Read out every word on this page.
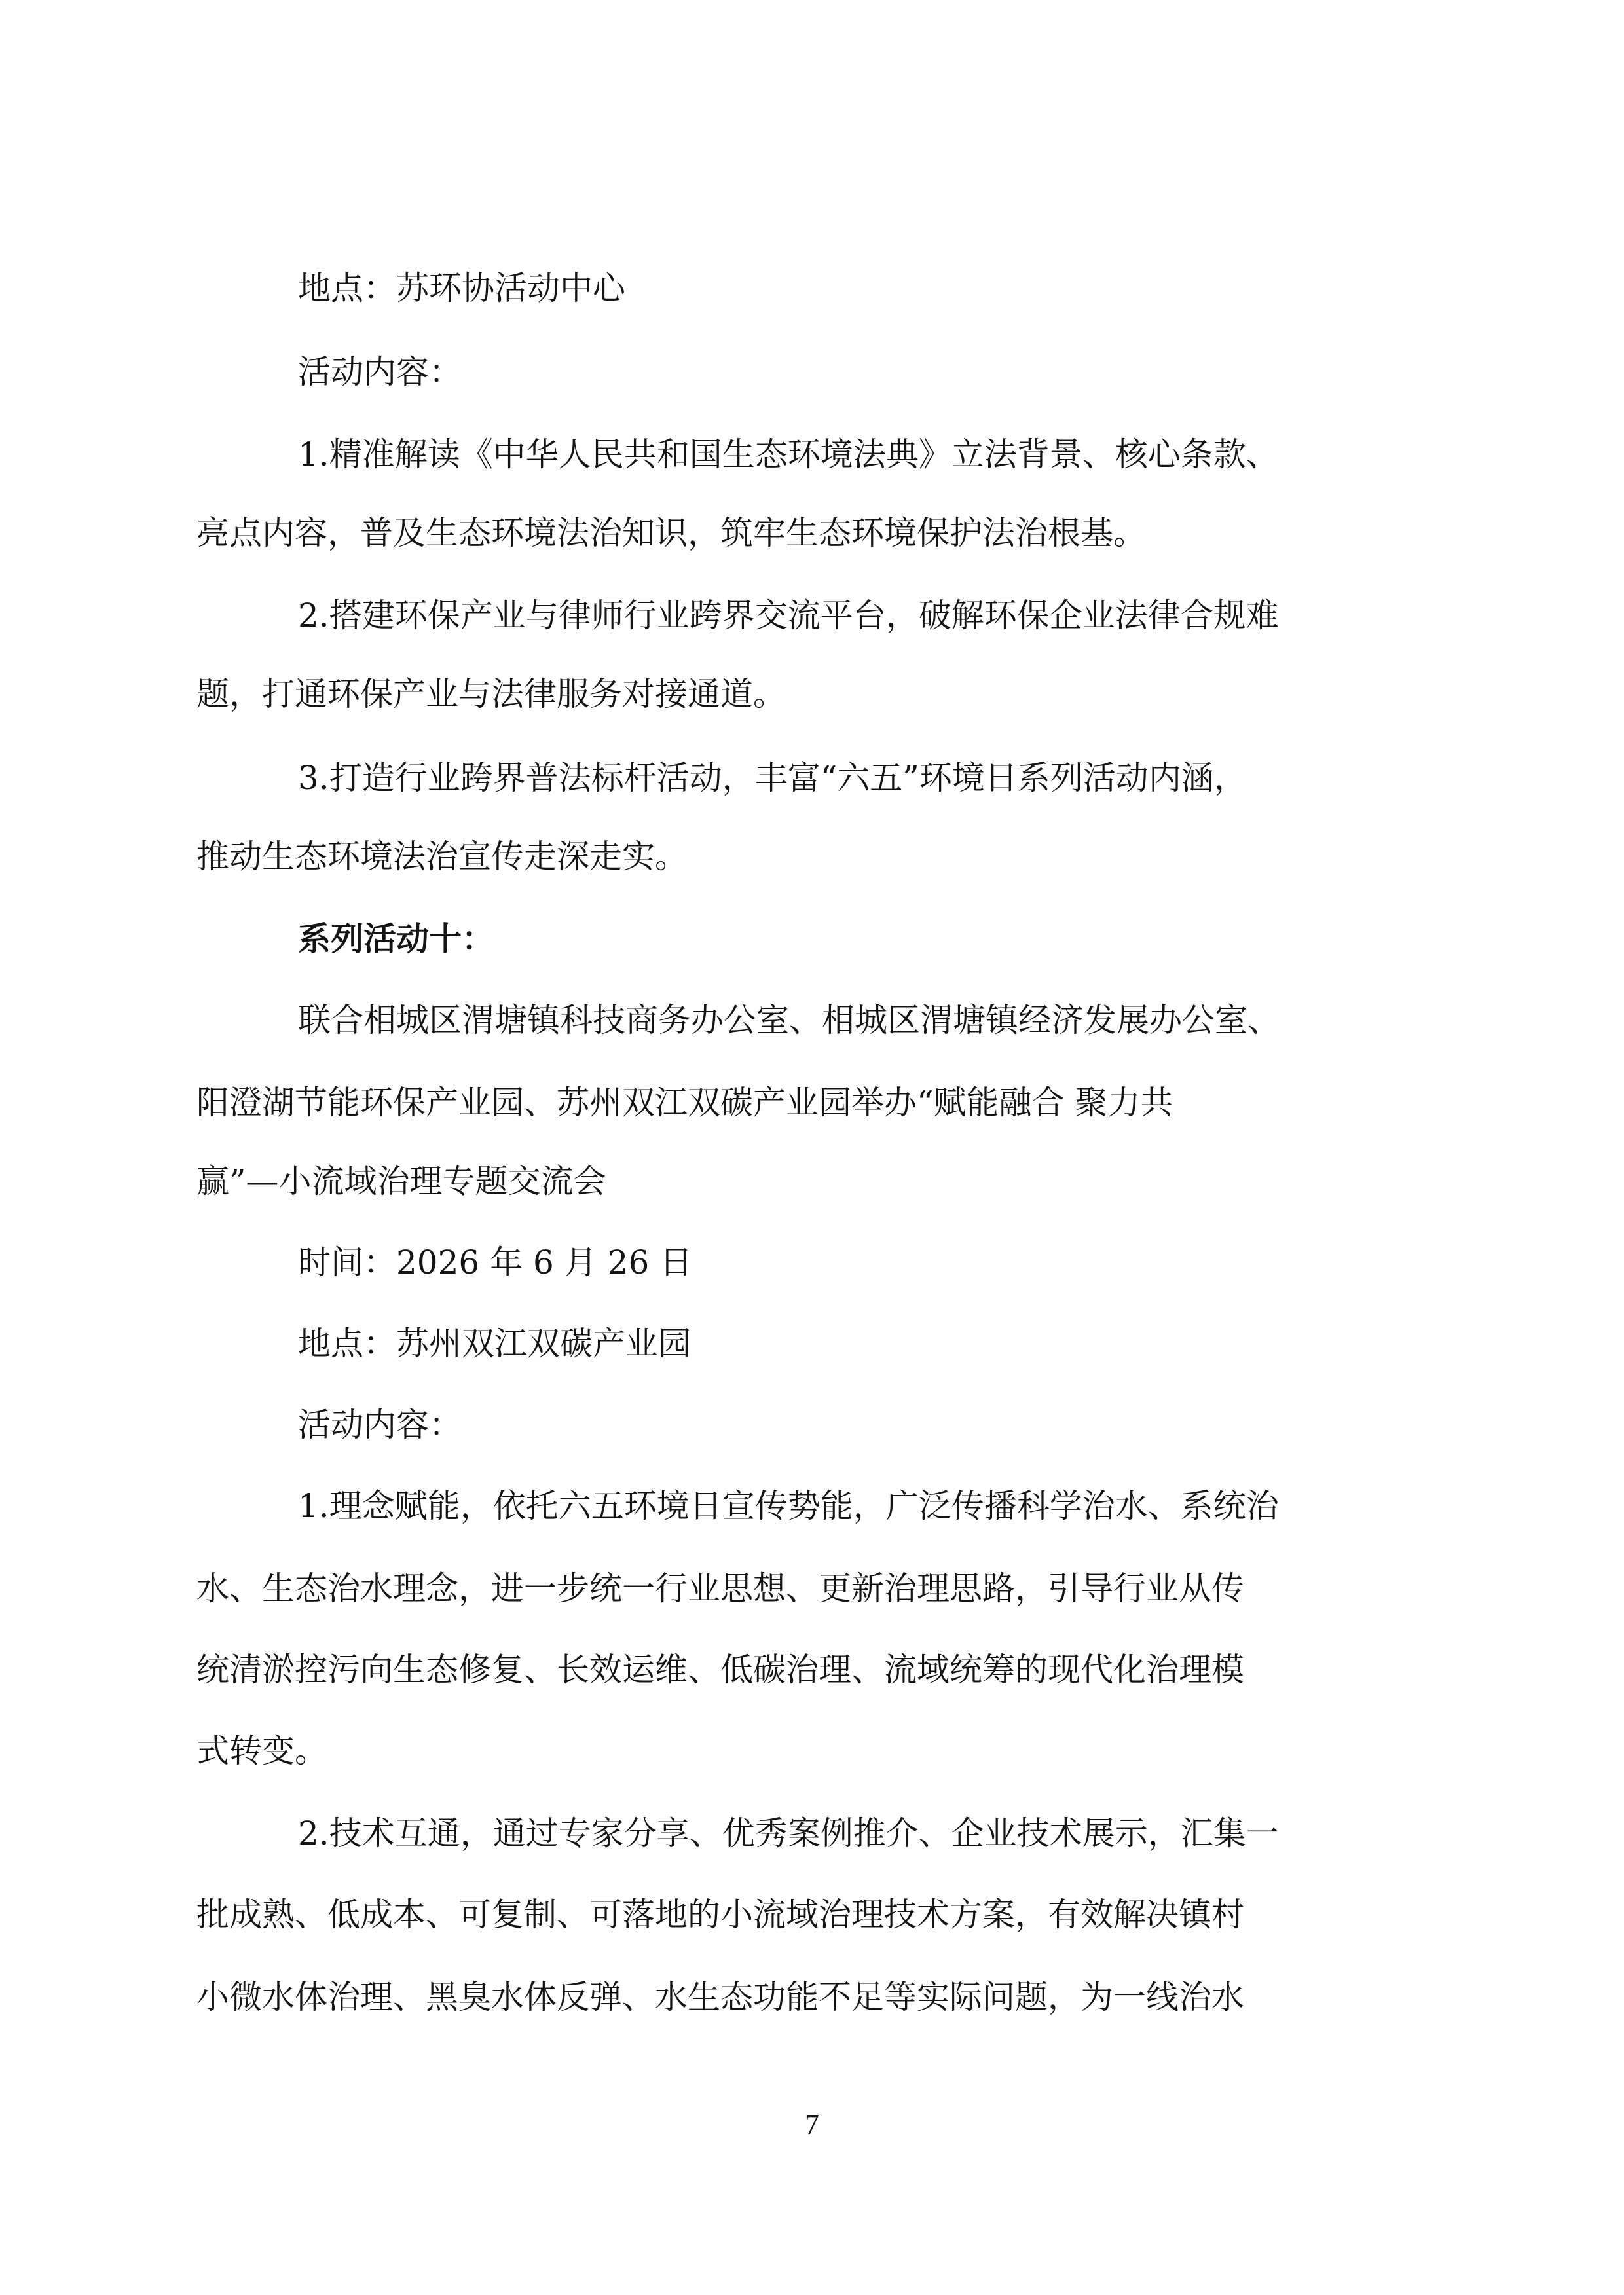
地点：苏环协活动中心
活动内容：
1.精准解读《中华人民共和国生态环境法典》立法背景、核心条款、
亮点内容，普及生态环境法治知识，筑牢生态环境保护法治根基。
2.搭建环保产业与律师行业跨界交流平台，破解环保企业法律合规难
题，打通环保产业与法律服务对接通道。
3.打造行业跨界普法标杆活动，丰富“六五”环境日系列活动内涵，
推动生态环境法治宣传走深走实。
系列活动十：
联合相城区渭塘镇科技商务办公室、相城区渭塘镇经济发展办公室、
阳澄湖节能环保产业园、苏州双江双碳产业园举办“赋能融合 聚力共
赢”—小流域治理专题交流会
时间：2026 年 6 月 26 日
地点：苏州双江双碳产业园
活动内容：
1.理念赋能，依托六五环境日宣传势能，广泛传播科学治水、系统治
水、生态治水理念，进一步统一行业思想、更新治理思路，引导行业从传
统清淤控污向生态修复、长效运维、低碳治理、流域统筹的现代化治理模
式转变。
2.技术互通，通过专家分享、优秀案例推介、企业技术展示，汇集一
批成熟、低成本、可复制、可落地的小流域治理技术方案，有效解决镇村
小微水体治理、黑臭水体反弹、水生态功能不足等实际问题，为一线治水
7
